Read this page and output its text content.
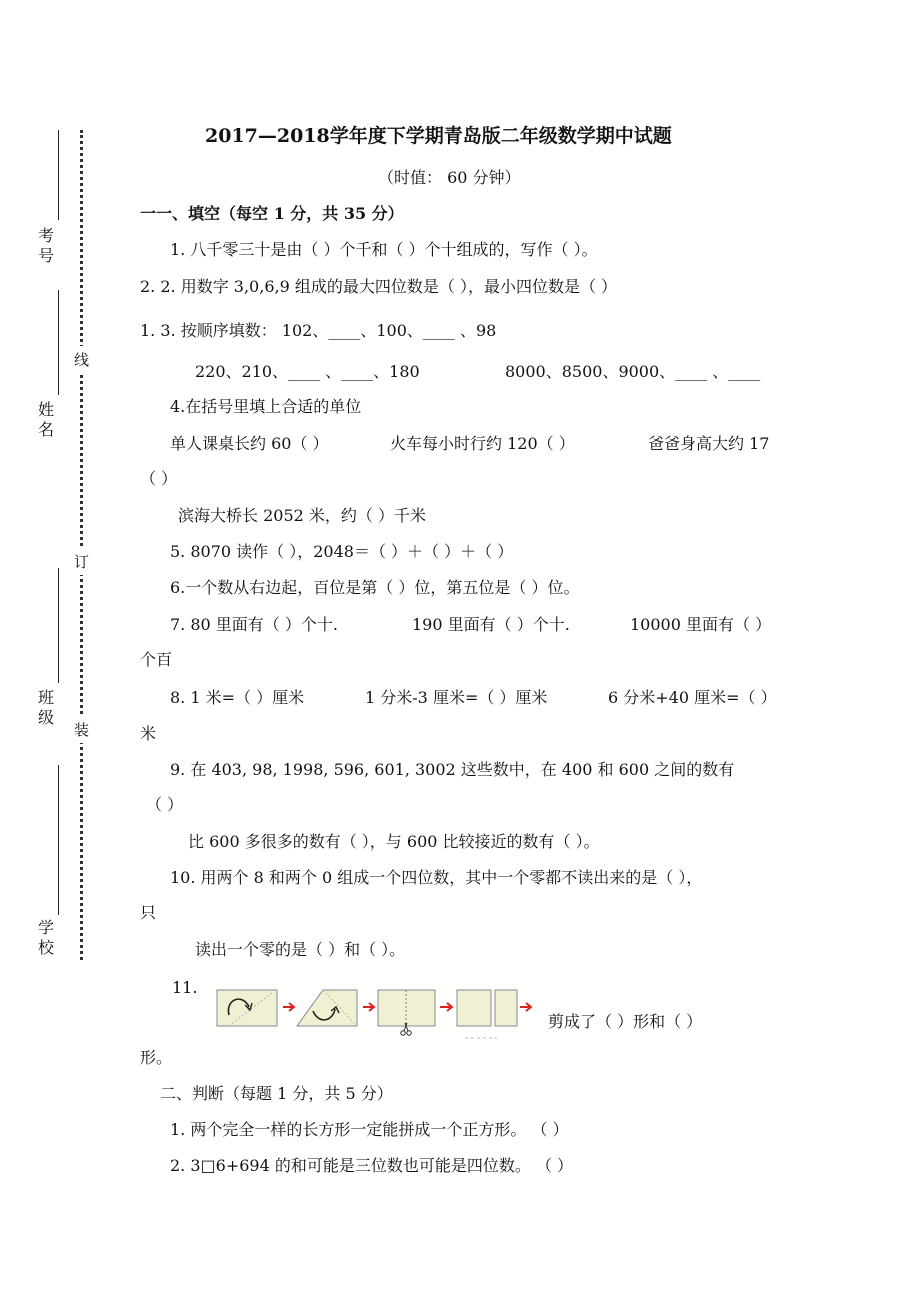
考号
姓名
班级
学校
线
订
装
2017—2018学年度下学期青岛版二年级数学期中试题
（时值： 60 分钟）
一一、填空（每空 1 分，共 35 分）
1. 八千零三十是由（ ）个千和（ ）个十组成的，写作（ ）。
2. 2. 用数字 3,0,6,9 组成的最大四位数是（ ），最小四位数是（ ）
1. 3. 按顺序填数： 102、____、100、____ 、98
220、210、____ 、____、180	8000、8500、9000、____ 、____
4.在括号里填上合适的单位
单人课桌长约 60（ ）	火车每小时行约 120（ ）	爸爸身高大约 17
（ ）
滨海大桥长 2052 米，约（ ）千米
5. 8070 读作（ ），2048＝（ ）＋（ ）＋（ ）
6.一个数从右边起，百位是第（ ）位，第五位是（ ）位。
7. 80 里面有（ ）个十.	190 里面有（ ）个十.	10000 里面有（ ）
个百
8. 1 米=（ ）厘米	1 分米-3 厘米=（ ）厘米	6 分米+40 厘米=（ ）
米
9. 在 403, 98, 1998, 596, 601, 3002 这些数中，在 400 和 600 之间的数有
（ ）
比 600 多很多的数有（ ），与 600 比较接近的数有（ ）。
10. 用两个 8 和两个 0 组成一个四位数，其中一个零都不读出来的是（ ），
只
读出一个零的是（ ）和（ ）。
11.
剪成了（ ）形和（ ）
形。
二、判断（每题 1 分，共 5 分）
1. 两个完全一样的长方形一定能拼成一个正方形。 （ ）
2. 3□6+694 的和可能是三位数也可能是四位数。 （ ）
